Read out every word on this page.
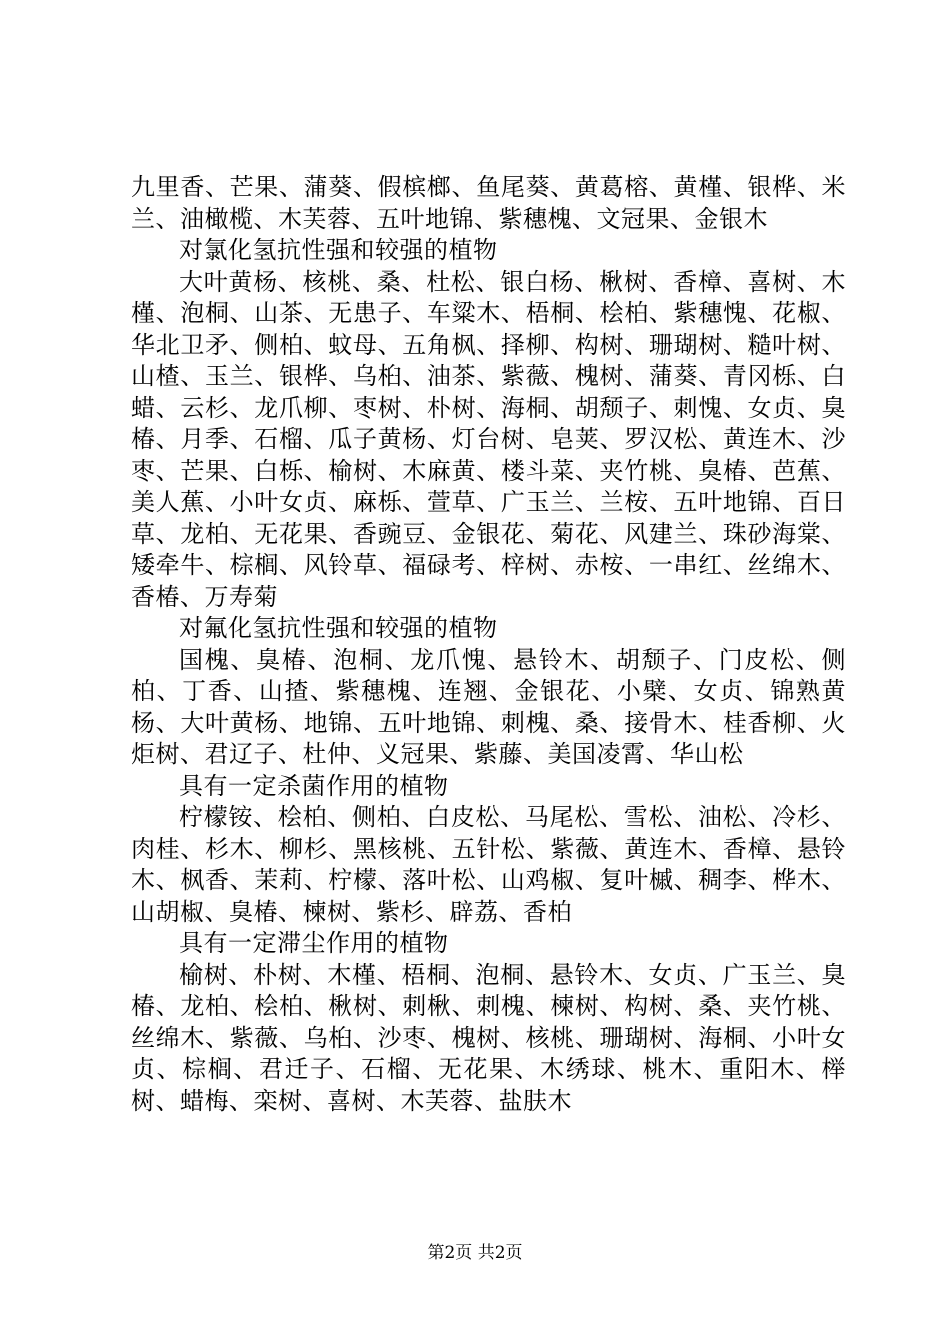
九里香、芒果、蒲葵、假槟榔、鱼尾葵、黄葛榕、黄槿、银桦、米兰、油橄榄、木芙蓉、五叶地锦、紫穗槐、文冠果、金银木

对氯化氢抗性强和较强的植物

大叶黄杨、核桃、桑、杜松、银白杨、楸树、香樟、喜树、木槿、泡桐、山茶、无患子、车粱木、梧桐、桧柏、紫穗愧、花椒、华北卫矛、侧柏、蚊母、五角枫、择柳、构树、珊瑚树、糙叶树、山楂、玉兰、银桦、乌桕、油茶、紫薇、槐树、蒲葵、青冈栎、白蜡、云杉、龙爪柳、枣树、朴树、海桐、胡颓子、刺愧、女贞、臭椿、月季、石榴、瓜子黄杨、灯台树、皂荚、罗汉松、黄连木、沙枣、芒果、白栎、榆树、木麻黄、楼斗菜、夹竹桃、臭椿、芭蕉、美人蕉、小叶女贞、麻栎、萱草、广玉兰、兰桉、五叶地锦、百日草、龙柏、无花果、香豌豆、金银花、菊花、风建兰、珠砂海棠、矮牵牛、棕榈、风铃草、福碌考、梓树、赤桉、一串红、丝绵木、香椿、万寿菊

对氟化氢抗性强和较强的植物

国槐、臭椿、泡桐、龙爪愧、悬铃木、胡颓子、门皮松、侧柏、丁香、山揸、紫穗槐、连翘、金银花、小檗、女贞、锦熟黄杨、大叶黄杨、地锦、五叶地锦、刺槐、桑、接骨木、桂香柳、火炬树、君辽子、杜仲、义冠果、紫藤、美国凌霄、华山松

具有一定杀菌作用的植物

柠檬铵、桧柏、侧柏、白皮松、马尾松、雪松、油松、冷杉、肉桂、杉木、柳杉、黑核桃、五针松、紫薇、黄连木、香樟、悬铃木、枫香、茉莉、柠檬、落叶松、山鸡椒、复叶槭、稠李、桦木、山胡椒、臭椿、楝树、紫杉、辟荔、香柏

具有一定滞尘作用的植物

榆树、朴树、木槿、梧桐、泡桐、悬铃木、女贞、广玉兰、臭椿、龙柏、桧柏、楸树、刺楸、刺槐、楝树、构树、桑、夹竹桃、丝绵木、紫薇、乌桕、沙枣、槐树、核桃、珊瑚树、海桐、小叶女贞、棕榈、君迁子、石榴、无花果、木绣球、桃木、重阳木、榉树、蜡梅、栾树、喜树、木芙蓉、盐肤木

第2页 共2页
